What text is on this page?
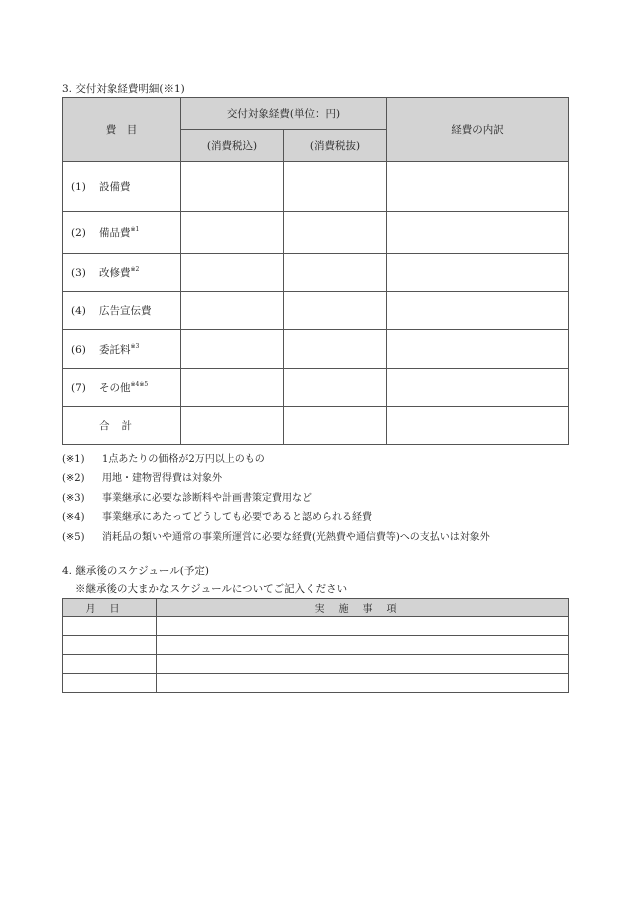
3. 交付対象経費明細(※1)
費　目	交付対象経費(単位：円)		経費の内訳
	(消費税込)	(消費税抜)	
(1) 設備費			
(2) 備品費$^{※1}$			
(3) 改修費$^{※2}$			
(4) 広告宣伝費			
(6) 委託料$^{※3}$			
(7) その他$^{※4※5}$			
合計			
(※1) 1点あたりの価格が2万円以上のもの
(※2) 用地・建物習得費は対象外
(※3) 事業継承に必要な診断料や計画書策定費用など
(※4) 事業継承にあたってどうしても必要であると認められる経費
(※5) 消耗品の類いや通常の事業所運営に必要な経費(光熱費や通信費等)への支払いは対象外
4. 継承後のスケジュール(予定)
※継承後の大まかなスケジュールについてご記入ください
月日	実施事項
